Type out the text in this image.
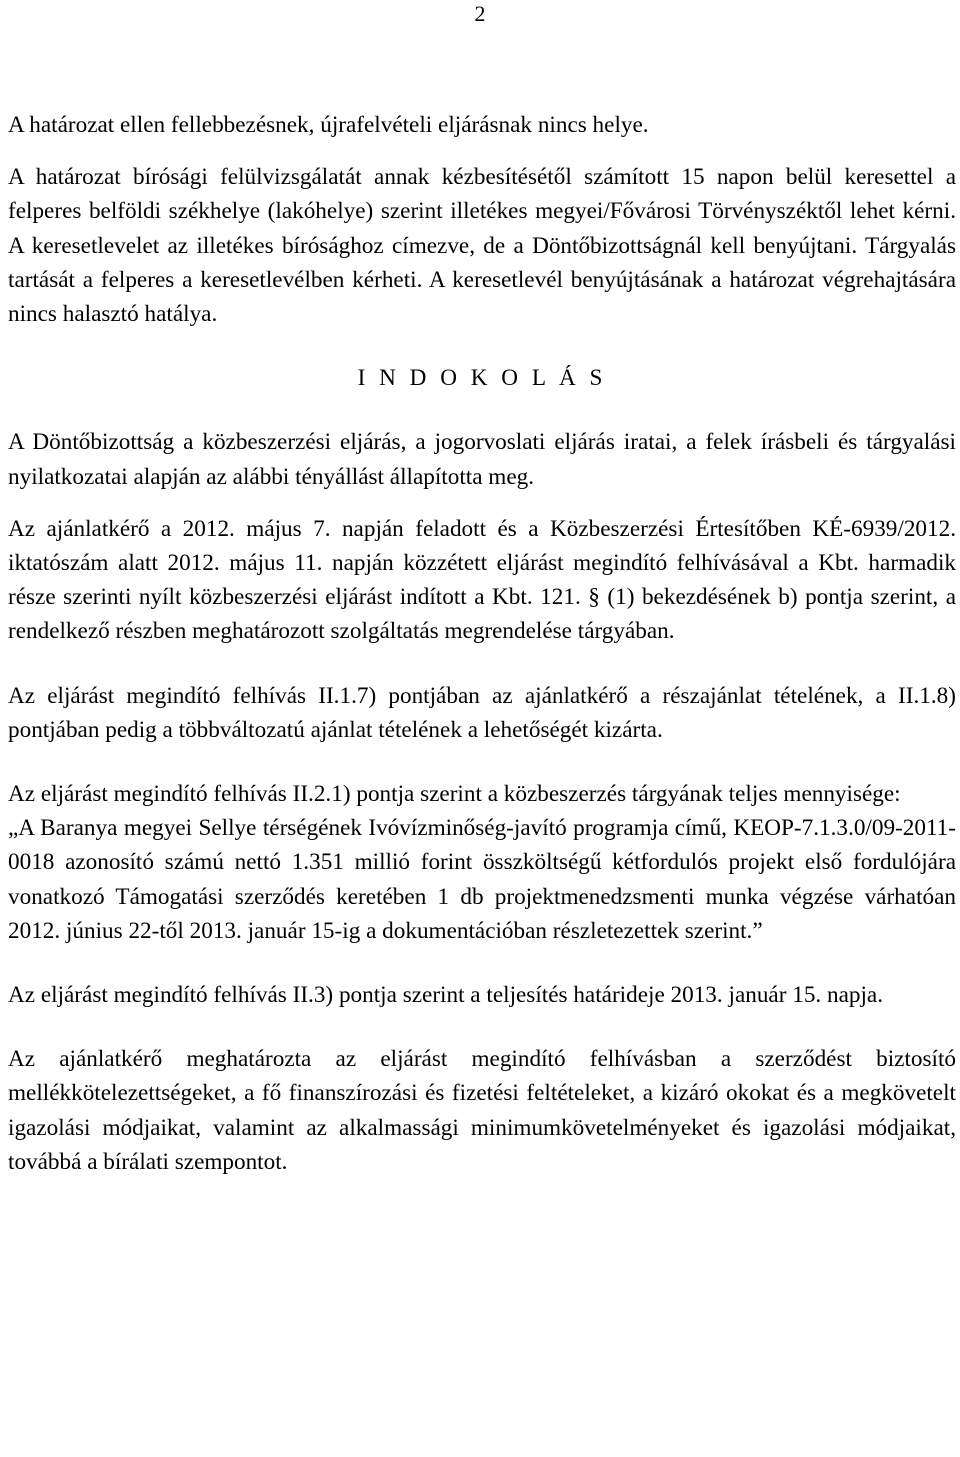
2

A határozat ellen fellebbezésnek, újrafelvételi eljárásnak nincs helye.

A határozat bírósági felülvizsgálatát annak kézbesítésétől számított 15 napon belül keresettel a felperes belföldi székhelye (lakóhelye) szerint illetékes megyei/Fővárosi Törvényszéktől lehet kérni. A keresetlevelet az illetékes bírósághoz címezve, de a Döntőbizottságnál kell benyújtani. Tárgyalás tartását a felperes a keresetlevélben kérheti. A keresetlevél benyújtásának a határozat végrehajtására nincs halasztó hatálya.

I N D O K O L Á S

A Döntőbizottság a közbeszerzési eljárás, a jogorvoslati eljárás iratai, a felek írásbeli és tárgyalási nyilatkozatai alapján az alábbi tényállást állapította meg.

Az ajánlatkérő a 2012. május 7. napján feladott és a Közbeszerzési Értesítőben KÉ-6939/2012. iktatószám alatt 2012. május 11. napján közzétett eljárást megindító felhívásával a Kbt. harmadik része szerinti nyílt közbeszerzési eljárást indított a Kbt. 121. § (1) bekezdésének b) pontja szerint, a rendelkező részben meghatározott szolgáltatás megrendelése tárgyában.

Az eljárást megindító felhívás II.1.7) pontjában az ajánlatkérő a részajánlat tételének, a II.1.8) pontjában pedig a többváltozatú ajánlat tételének a lehetőségét kizárta.

Az eljárást megindító felhívás II.2.1) pontja szerint a közbeszerzés tárgyának teljes mennyisége:

„A Baranya megyei Sellye térségének Ivóvízminőség-javító programja című, KEOP-7.1.3.0/09-2011-0018 azonosító számú nettó 1.351 millió forint összköltségű kétfordulós projekt első fordulójára vonatkozó Támogatási szerződés keretében 1 db projektmenedzsmenti munka végzése várhatóan 2012. június 22-től 2013. január 15-ig a dokumentációban részletezettek szerint.”

Az eljárást megindító felhívás II.3) pontja szerint a teljesítés határideje 2013. január 15. napja.

Az ajánlatkérő meghatározta az eljárást megindító felhívásban a szerződést biztosító mellékkötelezettségeket, a fő finanszírozási és fizetési feltételeket, a kizáró okokat és a megkövetelt igazolási módjaikat, valamint az alkalmassági minimumkövetelményeket és igazolási módjaikat, továbbá a bírálati szempontot.
